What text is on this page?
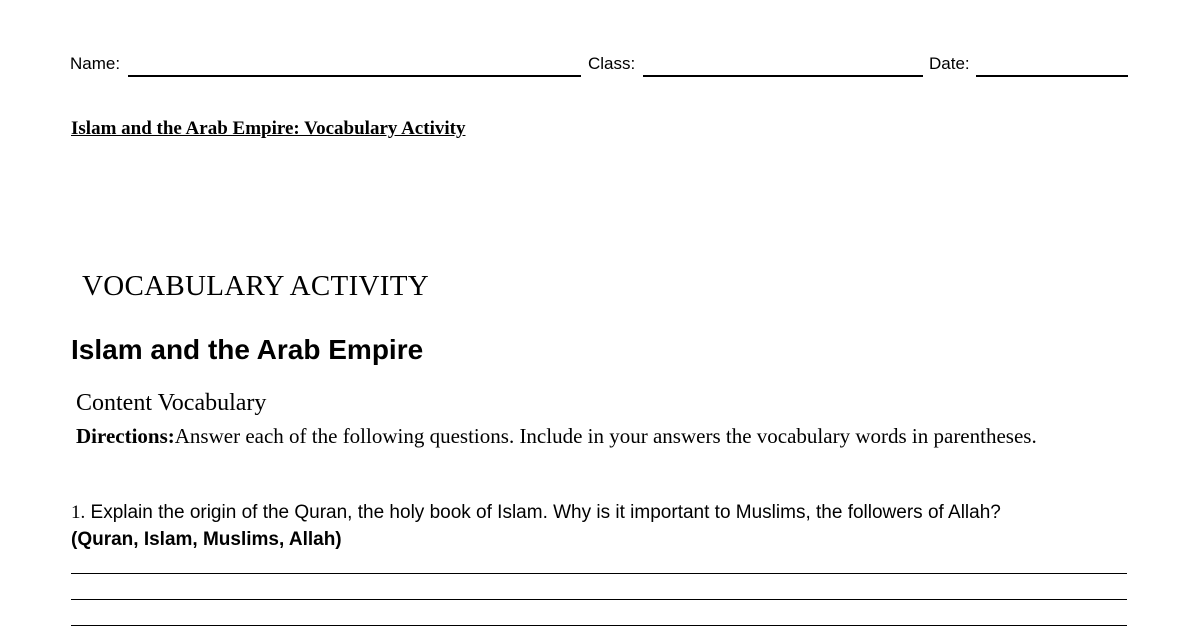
Name:	Class:	Date:
Islam and the Arab Empire: Vocabulary Activity
VOCABULARY ACTIVITY
Islam and the Arab Empire
Content Vocabulary
Directions:Answer each of the following questions. Include in your answers the vocabulary words in parentheses.
1. Explain the origin of the Quran, the holy book of Islam. Why is it important to Muslims, the followers of Allah?
(Quran, Islam, Muslims, Allah)
